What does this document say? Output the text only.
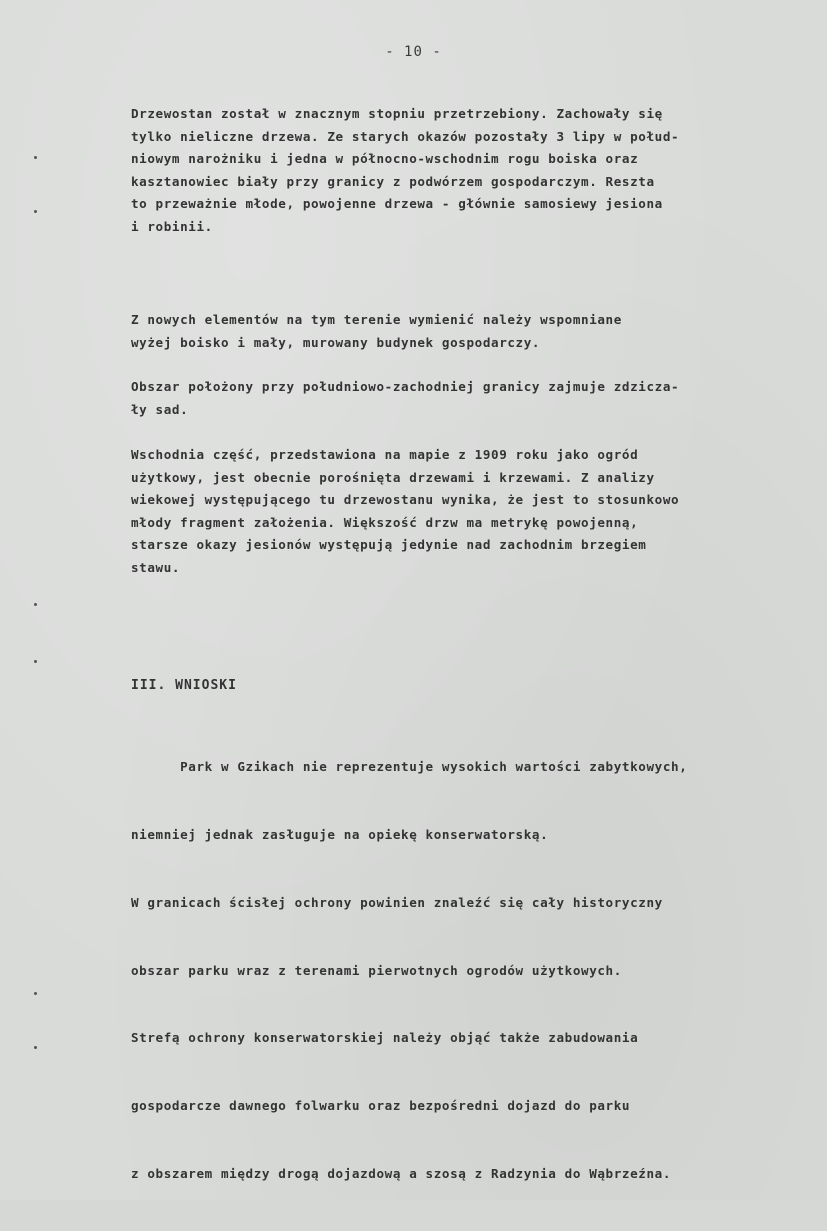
- 10 -
Drzewostan został w znacznym stopniu przetrzebiony. Zachowały się
tylko nieliczne drzewa. Ze starych okazów pozostały 3 lipy w połud-
niowym narożniku i jedna w północno-wschodnim rogu boiska oraz
kasztanowiec biały przy granicy z podwórzem gospodarczym. Reszta
to przeważnie młode, powojenne drzewa - głównie samosiewy jesiona
i robinii.
Z nowych elementów na tym terenie wymienić należy wspomniane
wyżej boisko i mały, murowany budynek gospodarczy.
Obszar położony przy południowo-zachodniej granicy zajmuje zdzicza-
ły sad.
Wschodnia część, przedstawiona na mapie z 1909 roku jako ogród
użytkowy, jest obecnie porośnięta drzewami i krzewami. Z analizy
wiekowej występującego tu drzewostanu wynika, że jest to stosunkowo
młody fragment założenia. Większość drzw ma metrykę powojenną,
starsze okazy jesionów występują jedynie nad zachodnim brzegiem
stawu.
III. WNIOSKI

Park w Gzikach nie reprezentuje wysokich wartości zabytkowych,

niemniej jednak zasługuje na opiekę konserwatorską.

W granicach ścisłej ochrony powinien znaleźć się cały historyczny

obszar parku wraz z terenami pierwotnych ogrodów użytkowych.

Strefą ochrony konserwatorskiej należy objąć także zabudowania

gospodarcze dawnego folwarku oraz bezpośredni dojazd do parku

z obszarem między drogą dojazdową a szosą z Radzynia do Wąbrzeźna.
